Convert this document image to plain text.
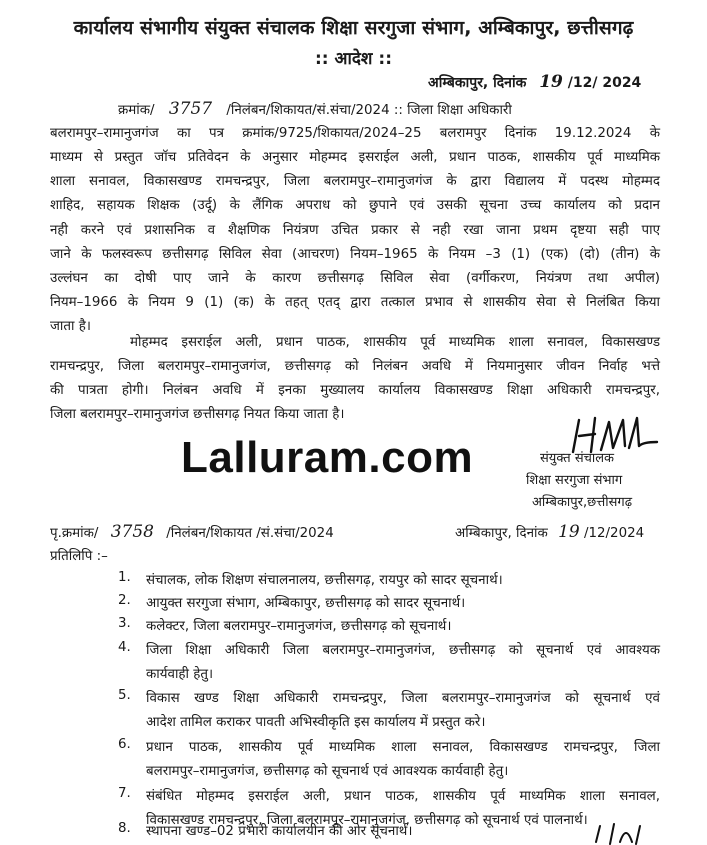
कार्यालय संभागीय संयुक्त संचालक शिक्षा सरगुजा संभाग, अम्बिकापुर, छत्तीसगढ़
:: आदेश ::
अम्बिकापुर, दिनांक 19 /12/ 2024
क्रमांक/ 3757 /निलंबन/शिकायत/सं.संचा/2024 :: जिला शिक्षा अधिकारी
बलरामपुर–रामानुजगंज का पत्र क्रमांक/9725/शिकायत/2024–25 बलरामपुर दिनांक 19.12.2024 के
माध्यम से प्रस्तुत जॉच प्रतिवेदन के अनुसार मोहम्मद इसराईल अली, प्रधान पाठक, शासकीय पूर्व माध्यमिक
शाला सनावल, विकासखण्ड रामचन्द्रपुर, जिला बलरामपुर–रामानुजगंज के द्वारा विद्यालय में पदस्थ मोहम्मद
शाहिद, सहायक शिक्षक (उर्दू) के लैंगिक अपराध को छुपाने एवं उसकी सूचना उच्च कार्यालय को प्रदान
नही करने एवं प्रशासनिक व शैक्षणिक नियंत्रण उचित प्रकार से नही रखा जाना प्रथम दृष्टया सही पाए
जाने के फलस्वरूप छत्तीसगढ़ सिविल सेवा (आचरण) नियम–1965 के नियम –3 (1) (एक) (दो) (तीन) के
उल्लंघन का दोषी पाए जाने के कारण छत्तीसगढ़ सिविल सेवा (वर्गीकरण, नियंत्रण तथा अपील)
नियम–1966 के नियम 9 (1) (क) के तहत् एतद् द्वारा तत्काल प्रभाव से शासकीय सेवा से निलंबित किया
जाता है।
मोहम्मद इसराईल अली, प्रधान पाठक, शासकीय पूर्व माध्यमिक शाला सनावल, विकासखण्ड
रामचन्द्रपुर, जिला बलरामपुर–रामानुजगंज, छत्तीसगढ़ को निलंबन अवधि में नियमानुसार जीवन निर्वाह भत्ते
की पात्रता होगी। निलंबन अवधि में इनका मुख्यालय कार्यालय विकासखण्ड शिक्षा अधिकारी रामचन्द्रपुर,
जिला बलरामपुर–रामानुजगंज छत्तीसगढ़ नियत किया जाता है।
Lalluram.com	संयुक्त संचालक
शिक्षा सरगुजा संभाग
अम्बिकापुर,छत्तीसगढ़
पृ.क्रमांक/ 3758 /निलंबन/शिकायत /सं.संचा/2024	अम्बिकापुर, दिनांक 19 /12/2024
प्रतिलिपि :–
1. संचालक, लोक शिक्षण संचालनालय, छत्तीसगढ़, रायपुर को सादर सूचनार्थ।
2. आयुक्त सरगुजा संभाग, अम्बिकापुर, छत्तीसगढ़ को सादर सूचनार्थ।
3. कलेक्टर, जिला बलरामपुर–रामानुजगंज, छत्तीसगढ़ को सूचनार्थ।
4. जिला शिक्षा अधिकारी जिला बलरामपुर–रामानुजगंज, छत्तीसगढ़ को सूचनार्थ एवं आवश्यक
कार्यवाही हेतु।
5. विकास खण्ड शिक्षा अधिकारी रामचन्द्रपुर, जिला बलरामपुर–रामानुजगंज को सूचनार्थ एवं
आदेश तामिल कराकर पावती अभिस्वीकृति इस कार्यालय में प्रस्तुत करे।
6. प्रधान पाठक, शासकीय पूर्व माध्यमिक शाला सनावल, विकासखण्ड रामचन्द्रपुर, जिला
बलरामपुर–रामानुजगंज, छत्तीसगढ़ को सूचनार्थ एवं आवश्यक कार्यवाही हेतु।
7. संबंधित मोहम्मद इसराईल अली, प्रधान पाठक, शासकीय पूर्व माध्यमिक शाला सनावल,
विकासखण्ड रामचन्द्रपुर, जिला बलरामपुर–रामानुजगंज, छत्तीसगढ़ को सूचनार्थ एवं पालनार्थ।
8. स्थापना खण्ड–02 प्रभारी कार्यालयीन की ओर सूचनार्थ।
